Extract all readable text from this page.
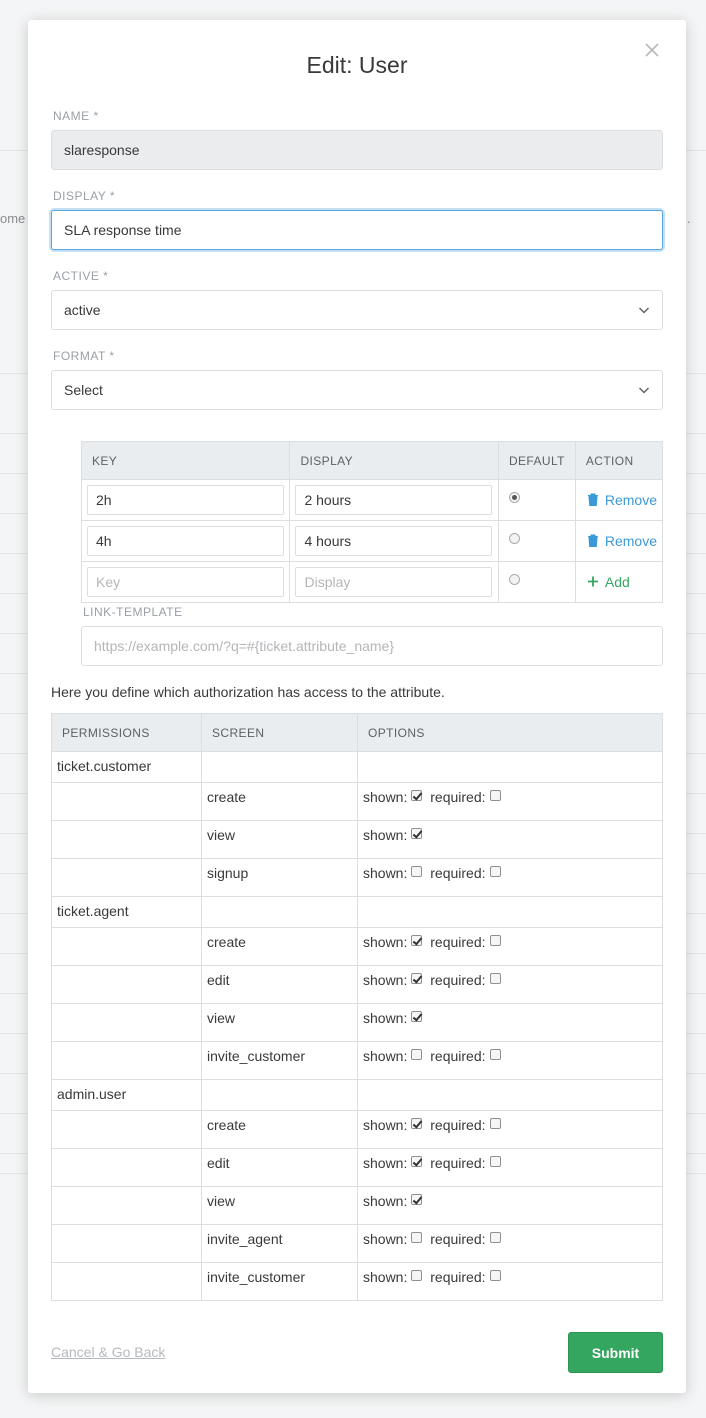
ome	.
Edit: User
NAME *
slaresponse
DISPLAY *
SLA response time
ACTIVE *
active
FORMAT *
Select
KEY	DISPLAY	DEFAULT	ACTION
2h	2 hours		Remove
4h	4 hours		Remove
Key	Display		Add
LINK-TEMPLATE
https://example.com/?q=#{ticket.attribute_name}
Here you define which authorization has access to the attribute.
PERMISSIONS	SCREEN	OPTIONS
ticket.customer		
	create	shown: required:
	view	shown:
	signup	shown: required:
ticket.agent		
	create	shown: required:
	edit	shown: required:
	view	shown:
	invite_customer	shown: required:
admin.user		
	create	shown: required:
	edit	shown: required:
	view	shown:
	invite_agent	shown: required:
	invite_customer	shown: required:
Cancel & Go Back	Submit
